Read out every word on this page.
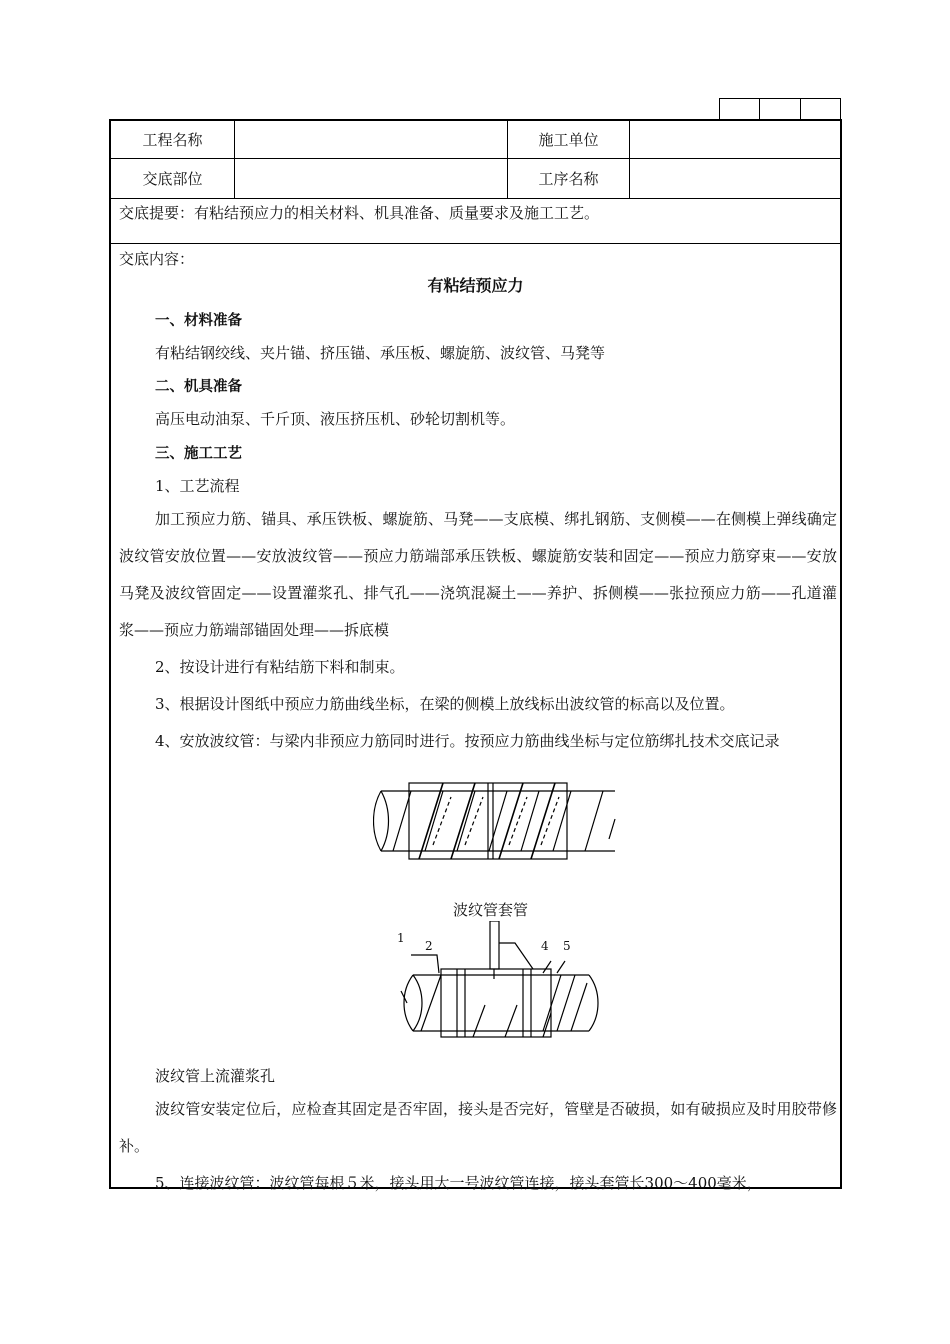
工程名称	施工单位
交底部位	工序名称
交底提要：有粘结预应力的相关材料、机具准备、质量要求及施工工艺。
交底内容：
有粘结预应力
一、材料准备
有粘结钢绞线、夹片锚、挤压锚、承压板、螺旋筋、波纹管、马凳等
二、机具准备
高压电动油泵、千斤顶、液压挤压机、砂轮切割机等。
三、施工工艺
1、工艺流程

加工预应力筋、锚具、承压铁板、螺旋筋、马凳——支底模、绑扎钢筋、支侧模——在侧模上弹线确定波纹管安放位置——安放波纹管——预应力筋端部承压铁板、螺旋筋安装和固定——预应力筋穿束——安放马凳及波纹管固定——设置灌浆孔、排气孔——浇筑混凝土——养护、拆侧模——张拉预应力筋——孔道灌浆——预应力筋端部锚固处理——拆底模

2、按设计进行有粘结筋下料和制束。

3、根据设计图纸中预应力筋曲线坐标，在梁的侧模上放线标出波纹管的标高以及位置。

4、安放波纹管：与梁内非预应力筋同时进行。按预应力筋曲线坐标与定位筋绑扎技术交底记录

波纹管套管
1
2	4 5
波纹管上流灌浆孔

波纹管安装定位后，应检查其固定是否牢固，接头是否完好，管壁是否破损，如有破损应及时用胶带修补。

5、连接波纹管：波纹管每根５米，接头用大一号波纹管连接，接头套管长300～400毫米，
